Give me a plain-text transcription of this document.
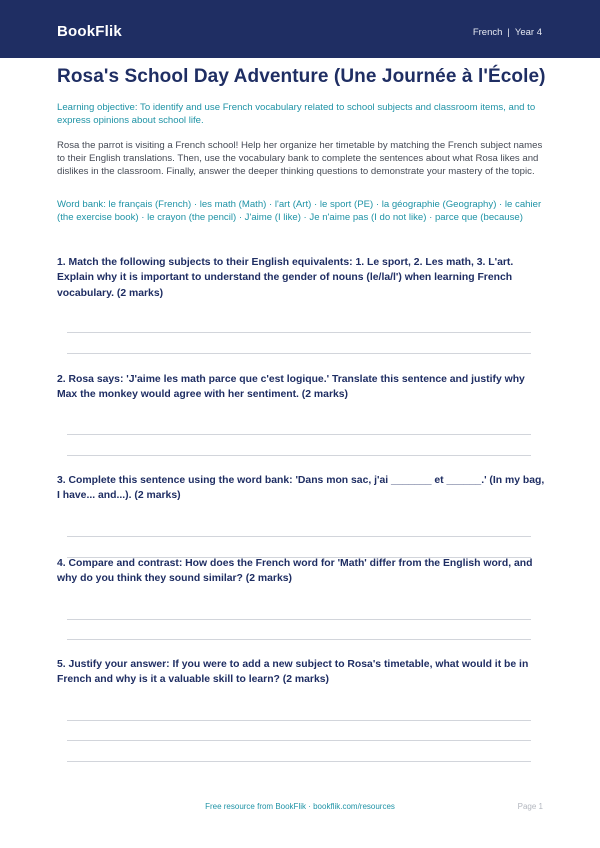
BookFlik	French | Year 4
Rosa's School Day Adventure (Une Journée à l'École)

Learning objective: To identify and use French vocabulary related to school subjects and classroom items, and to express opinions about school life.

Rosa the parrot is visiting a French school! Help her organize her timetable by matching the French subject names to their English translations. Then, use the vocabulary bank to complete the sentences about what Rosa likes and dislikes in the classroom. Finally, answer the deeper thinking questions to demonstrate your mastery of the topic.

Word bank: le français (French) · les math (Math) · l'art (Art) · le sport (PE) · la géographie (Geography) · le cahier (the exercise book) · le crayon (the pencil) · J'aime (I like) · Je n'aime pas (I do not like) · parce que (because)

1. Match the following subjects to their English equivalents: 1. Le sport, 2. Les math, 3. L'art. Explain why it is important to understand the gender of nouns (le/la/l') when learning French vocabulary. (2 marks)

2. Rosa says: 'J'aime les math parce que c'est logique.' Translate this sentence and justify why Max the monkey would agree with her sentiment. (2 marks)

3. Complete this sentence using the word bank: 'Dans mon sac, j'ai _______ et ______.' (In my bag, I have... and...). (2 marks)

4. Compare and contrast: How does the French word for 'Math' differ from the English word, and why do you think they sound similar? (2 marks)

5. Justify your answer: If you were to add a new subject to Rosa's timetable, what would it be in French and why is it a valuable skill to learn? (2 marks)

Free resource from BookFlik · bookflik.com/resources	Page 1
